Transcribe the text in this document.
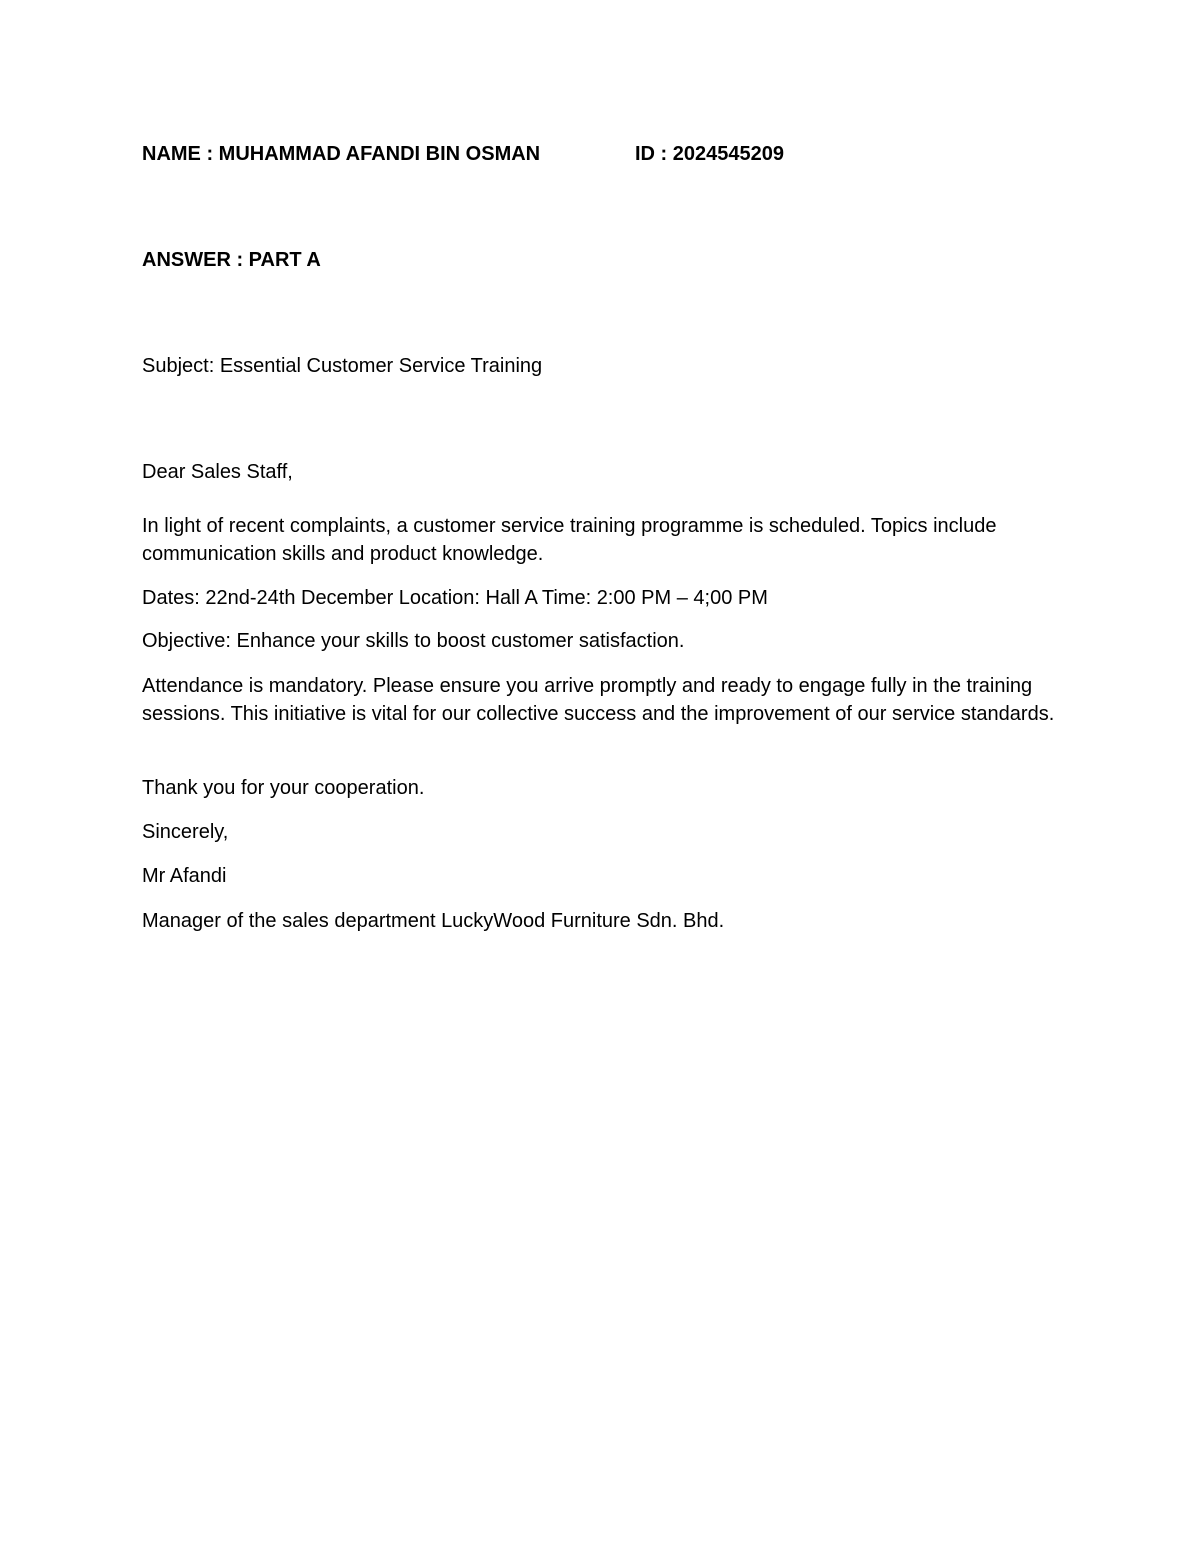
NAME : MUHAMMAD AFANDI BIN OSMAN	ID : 2024545209
ANSWER : PART A
Subject: Essential Customer Service Training
Dear Sales Staff,
In light of recent complaints, a customer service training programme is scheduled. Topics include communication skills and product knowledge.
Dates: 22nd-24th December Location: Hall A Time: 2:00 PM – 4;00 PM
Objective: Enhance your skills to boost customer satisfaction.
Attendance is mandatory. Please ensure you arrive promptly and ready to engage fully in the training sessions. This initiative is vital for our collective success and the improvement of our service standards.
Thank you for your cooperation.
Sincerely,
Mr Afandi
Manager of the sales department LuckyWood Furniture Sdn. Bhd.
